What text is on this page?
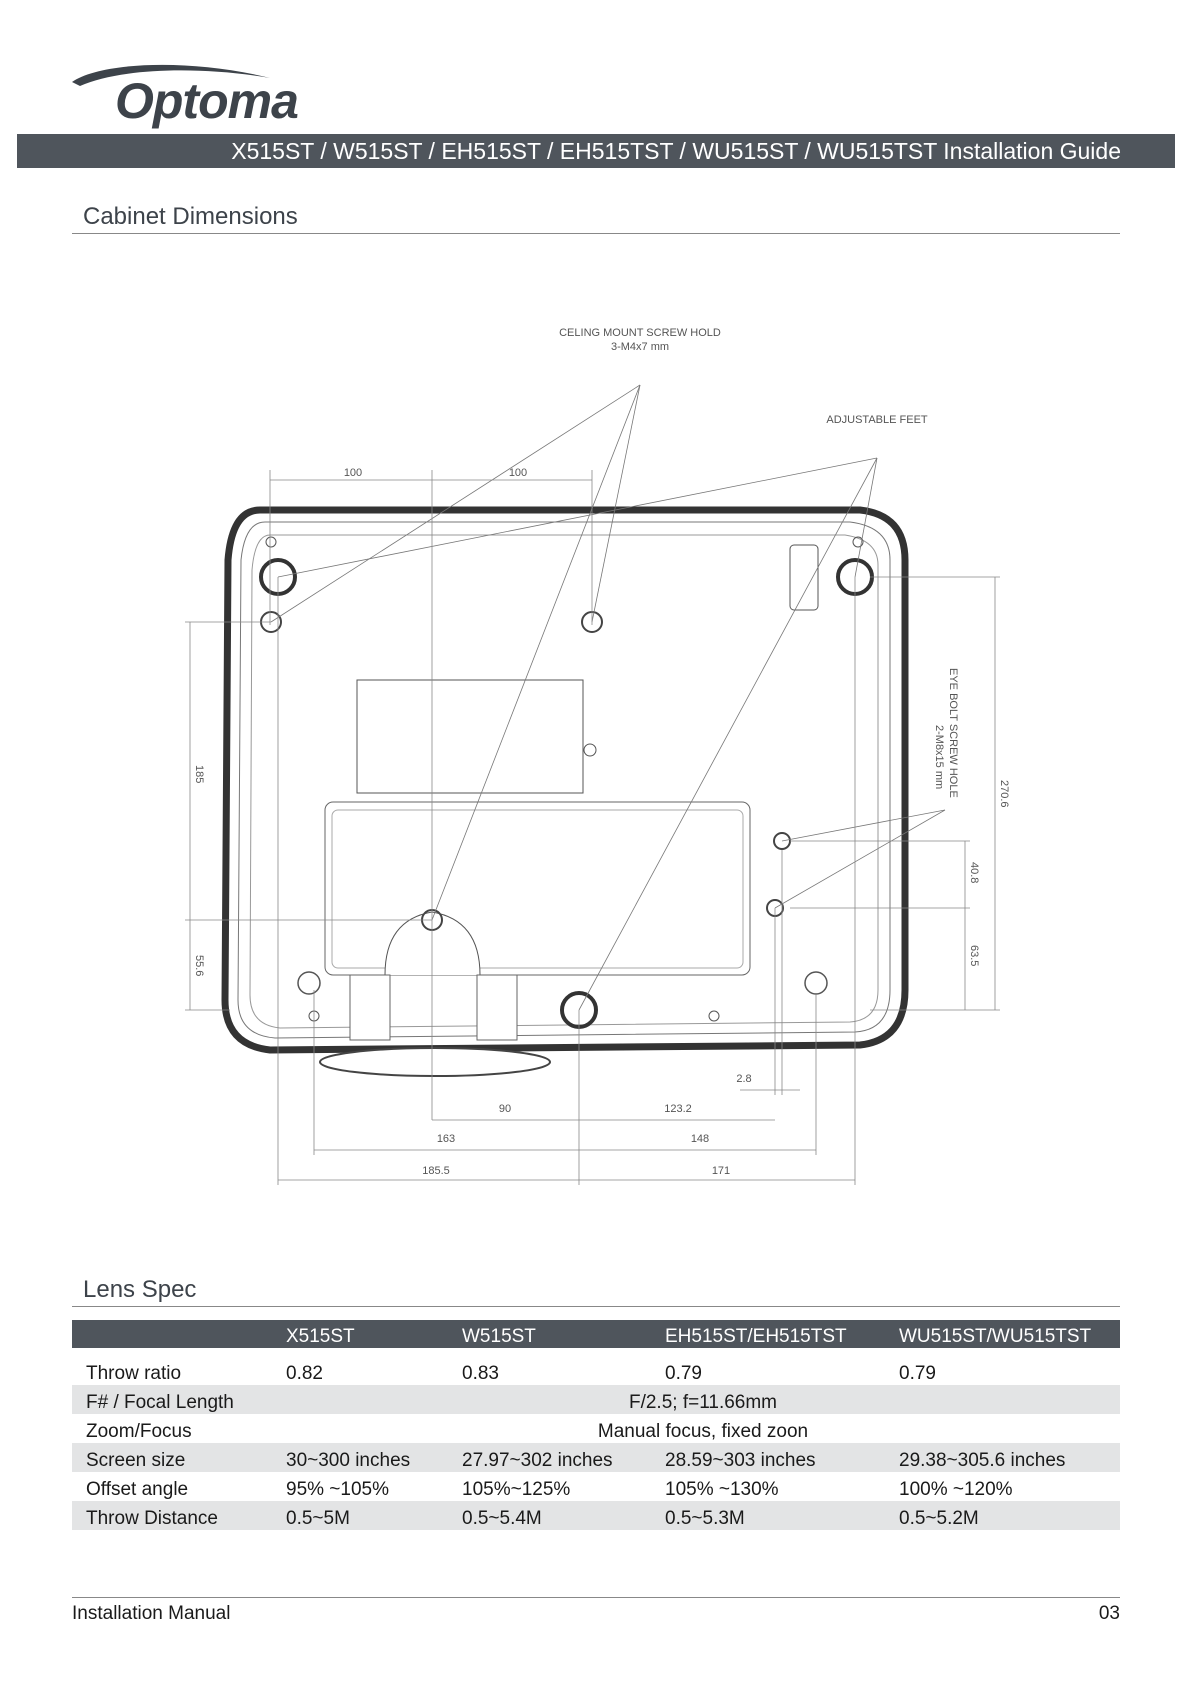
Optoma
X515ST / W515ST / EH515ST / EH515TST / WU515ST / WU515TST Installation Guide
Cabinet Dimensions
CELING MOUNT SCREW HOLD
3-M4x7 mm
ADJUSTABLE FEET
EYE BOLT SCREW HOLE
2-M8x15 mm
100	100
185
55.6
270.6
40.8
63.5
2.8
90	123.2
163	148
185.5	171
Lens Spec
	X515ST	W515ST	EH515ST/EH515TST	WU515ST/WU515TST

Throw ratio	0.82	0.83	0.79	0.79
F# / Focal Length	F/2.5; f=11.66mm			
Zoom/Focus	Manual focus, fixed zoon			
Screen size	30~300 inches	27.97~302 inches	28.59~303 inches	29.38~305.6 inches
Offset angle	95% ~105%	105%~125%	105% ~130%	100% ~120%
Throw Distance	0.5~5M	0.5~5.4M	0.5~5.3M	0.5~5.2M
Installation Manual	03
